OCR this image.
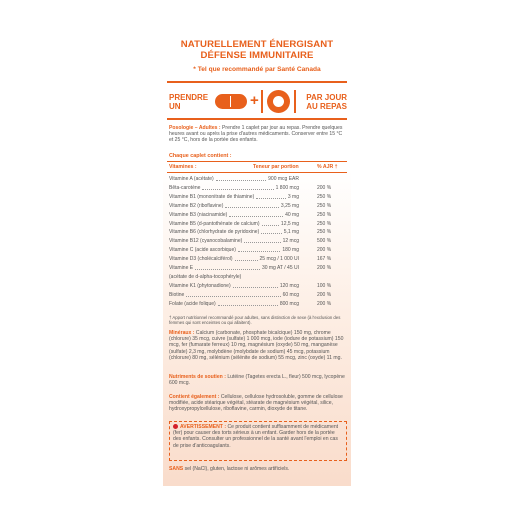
NATURELLEMENT ÉNERGISANT
DÉFENSE IMMUNITAIRE
* Tel que recommandé par Santé Canada
PRENDRE
UN	+	PAR JOUR
AU REPAS
Posologie – Adultes : Prendre 1 caplet par jour au repas. Prendre quelques heures avant ou après la prise d'autres médicaments. Conserver entre 15 °C et 25 °C, hors de la portée des enfants.
Chaque caplet contient :
Vitamines :	Teneur par portion	% AJR †
Vitamine A (acétate)	900 mcg EAR
Bêta-carotène	1 800 mcg	200 %
Vitamine B1 (mononitrate de thiamine)	3 mg	250 %
Vitamine B2 (riboflavine)	3,25 mg	250 %
Vitamine B3 (niacinamide)	40 mg	250 %
Vitamine B5 (d-pantothénate de calcium)	12,5 mg	250 %
Vitamine B6 (chlorhydrate de pyridoxine)	5,1 mg	250 %
Vitamine B12 (cyanocobalamine)	12 mcg	500 %
Vitamine C (acide ascorbique)	180 mg	200 %
Vitamine D3 (cholécalciférol)	25 mcg / 1 000 UI	167 %
Vitamine E	30 mg AT / 45 UI	200 %
(acétate de d-alpha-tocophéryle)
Vitamine K1 (phytonadione)	120 mcg	100 %
Biotine	60 mcg	200 %
Folate (acide folique)	800 mcg	200 %
† Apport nutritionnel recommandé pour adultes, sans distinction de sexe (à l'exclusion des femmes qui sont enceintes ou qui allaitent).
Minéraux : Calcium (carbonate, phosphate bicalcique) 150 mg, chrome (chlorure) 35 mcg, cuivre (sulfate) 1 000 mcg, iode (iodure de potassium) 150 mcg, fer (fumarate ferreux) 10 mg, magnésium (oxyde) 50 mg, manganèse (sulfate) 2,3 mg, molybdène (molybdate de sodium) 45 mcg, potassium (chlorure) 80 mg, sélénium (sélénite de sodium) 55 mcg, zinc (oxyde) 11 mg.
Nutriments de soutien : Lutéine (Tagetes erecta L., fleur) 500 mcg, lycopène 600 mcg.
Contient également : Cellulose, cellulose hydrosoluble, gomme de cellulose modifiée, acide stéarique végétal, stéarate de magnésium végétal, silice, hydroxypropylcellulose, riboflavine, carmin, dioxyde de titane.
AVERTISSEMENT : Ce produit contient suffisamment de médicament (fer) pour causer des torts sérieux à un enfant. Garder hors de la portée des enfants. Consulter un professionnel de la santé avant l'emploi en cas de prise d'anticoagulants.
SANS sel (NaCl), gluten, lactose ni arômes artificiels.
